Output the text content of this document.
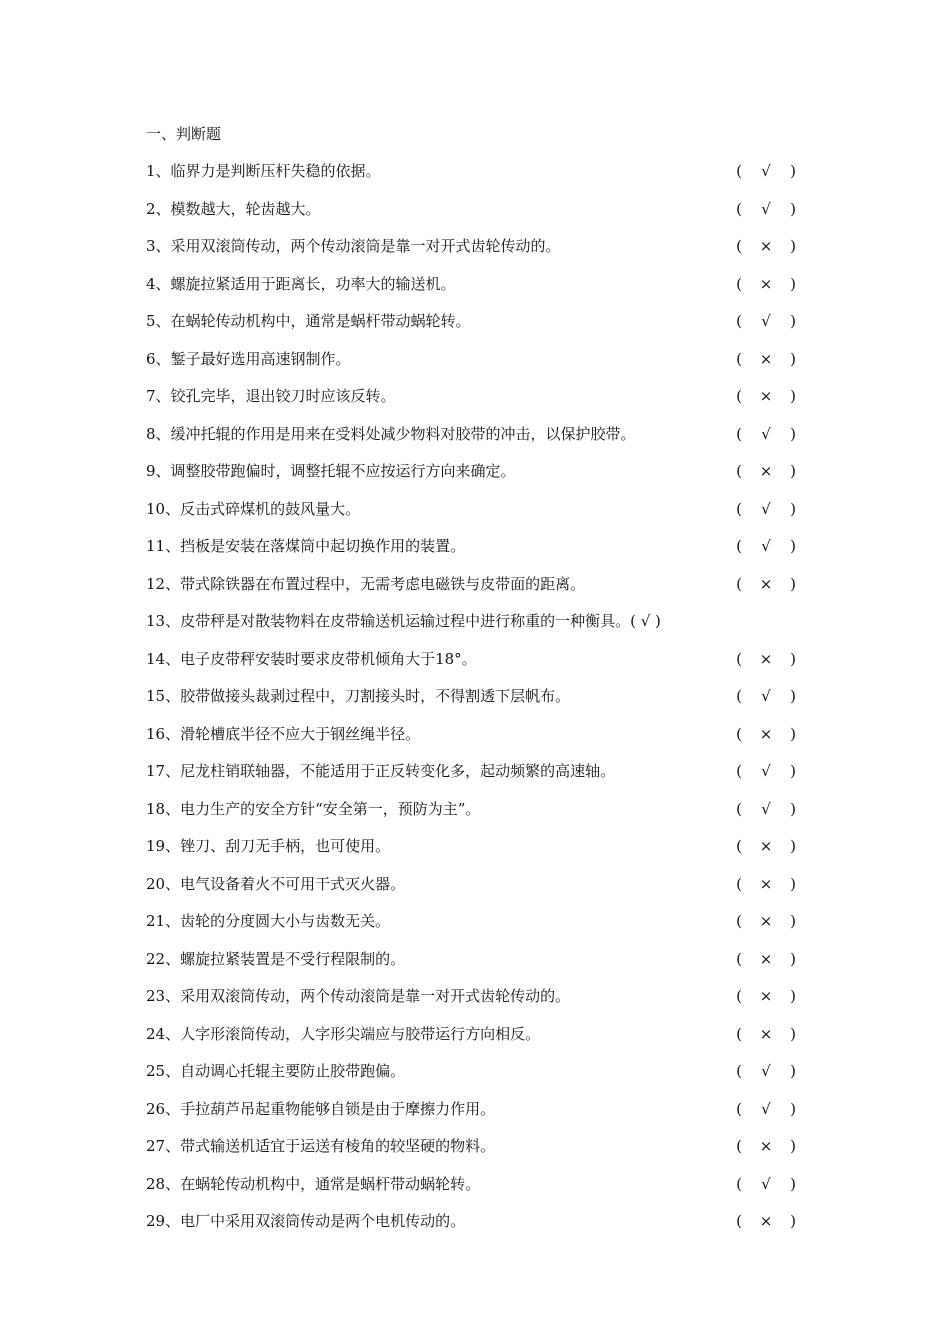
一、判断题
1、临界力是判断压杆失稳的依据。	(	√	)
2、模数越大，轮齿越大。	(	√	)
3、采用双滚筒传动，两个传动滚筒是靠一对开式齿轮传动的。	(	×	)
4、螺旋拉紧适用于距离长，功率大的输送机。	(	×	)
5、在蜗轮传动机构中，通常是蜗杆带动蜗轮转。	(	√	)
6、錾子最好选用高速钢制作。	(	×	)
7、铰孔完毕，退出铰刀时应该反转。	(	×	)
8、缓冲托辊的作用是用来在受料处减少物料对胶带的冲击，以保护胶带。	(	√	)
9、调整胶带跑偏时，调整托辊不应按运行方向来确定。	(	×	)
10、反击式碎煤机的鼓风量大。	(	√	)
11、挡板是安装在落煤筒中起切换作用的装置。	(	√	)
12、带式除铁器在布置过程中，无需考虑电磁铁与皮带面的距离。	(	×	)
13、皮带秤是对散装物料在皮带输送机运输过程中进行称重的一种衡具。( √ )
14、电子皮带秤安装时要求皮带机倾角大于18°。	(	×	)
15、胶带做接头裁剥过程中，刀割接头时，不得割透下层帆布。	(	√	)
16、滑轮槽底半径不应大于钢丝绳半径。	(	×	)
17、尼龙柱销联轴器，不能适用于正反转变化多，起动频繁的高速轴。	(	√	)
18、电力生产的安全方针“安全第一，预防为主”。	(	√	)
19、锉刀、刮刀无手柄，也可使用。	(	×	)
20、电气设备着火不可用干式灭火器。	(	×	)
21、齿轮的分度圆大小与齿数无关。	(	×	)
22、螺旋拉紧装置是不受行程限制的。	(	×	)
23、采用双滚筒传动，两个传动滚筒是靠一对开式齿轮传动的。	(	×	)
24、人字形滚筒传动，人字形尖端应与胶带运行方向相反。	(	×	)
25、自动调心托辊主要防止胶带跑偏。	(	√	)
26、手拉葫芦吊起重物能够自锁是由于摩擦力作用。	(	√	)
27、带式输送机适宜于运送有棱角的较坚硬的物料。	(	×	)
28、在蜗轮传动机构中，通常是蜗杆带动蜗轮转。	(	√	)
29、电厂中采用双滚筒传动是两个电机传动的。	(	×	)
